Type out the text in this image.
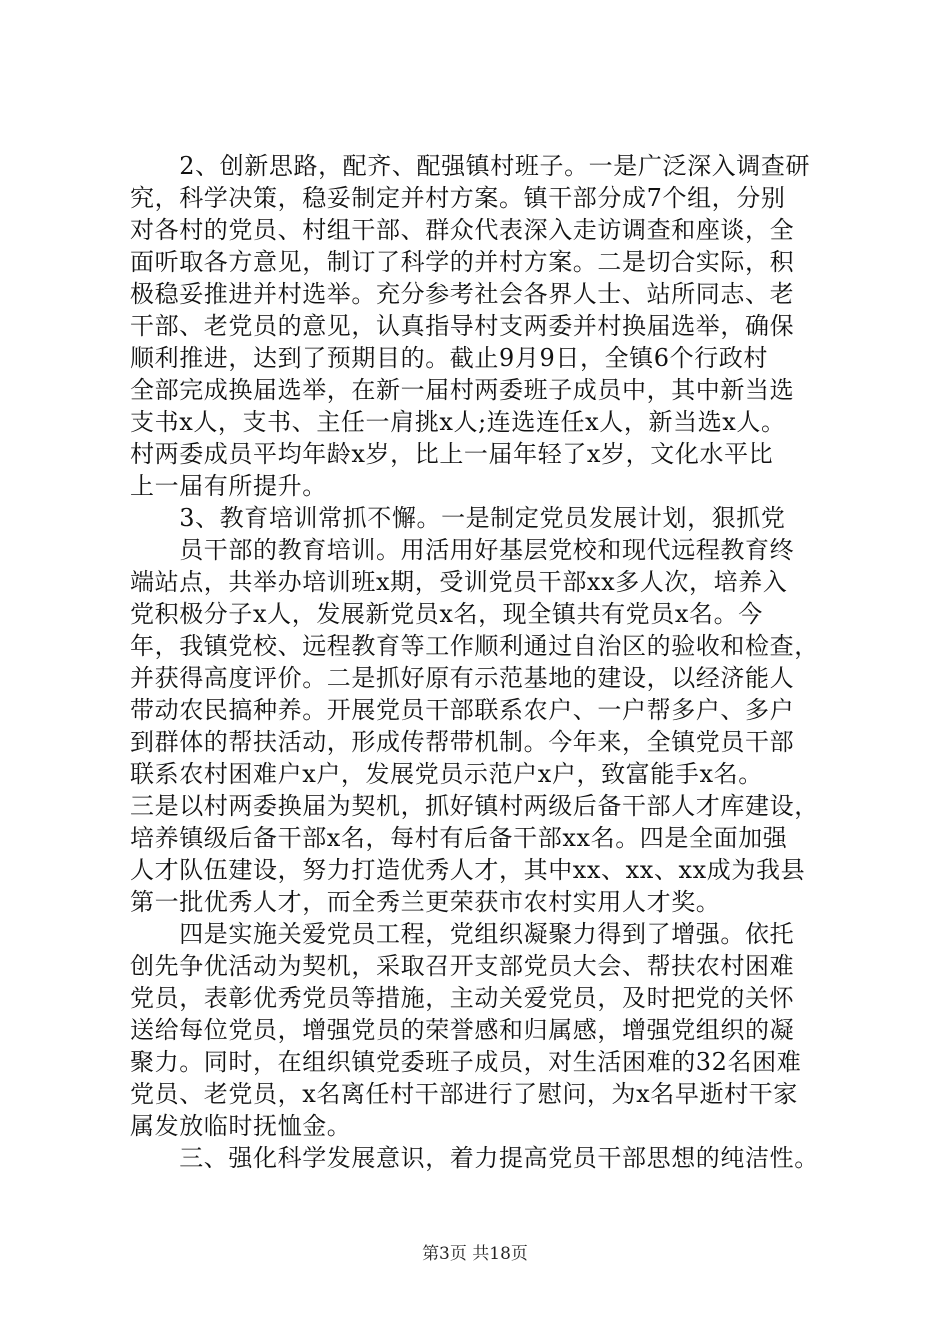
　　2、创新思路，配齐、配强镇村班子。一是广泛深入调查研
究，科学决策，稳妥制定并村方案。镇干部分成7个组，分别
对各村的党员、村组干部、群众代表深入走访调查和座谈，全
面听取各方意见，制订了科学的并村方案。二是切合实际，积
极稳妥推进并村选举。充分参考社会各界人士、站所同志、老
干部、老党员的意见，认真指导村支两委并村换届选举，确保
顺利推进，达到了预期目的。截止9月9日，全镇6个行政村
全部完成换届选举，在新一届村两委班子成员中，其中新当选
支书x人，支书、主任一肩挑x人;连选连任x人，新当选x人。
村两委成员平均年龄x岁，比上一届年轻了x岁，文化水平比
上一届有所提升。
　　3、教育培训常抓不懈。一是制定党员发展计划，狠抓党
　　员干部的教育培训。用活用好基层党校和现代远程教育终
端站点，共举办培训班x期，受训党员干部xx多人次，培养入
党积极分子x人，发展新党员x名，现全镇共有党员x名。今
年，我镇党校、远程教育等工作顺利通过自治区的验收和检查，
并获得高度评价。二是抓好原有示范基地的建设，以经济能人
带动农民搞种养。开展党员干部联系农户、一户帮多户、多户
到群体的帮扶活动，形成传帮带机制。今年来，全镇党员干部
联系农村困难户x户，发展党员示范户x户，致富能手x名。
三是以村两委换届为契机，抓好镇村两级后备干部人才库建设，
培养镇级后备干部x名，每村有后备干部xx名。四是全面加强
人才队伍建设，努力打造优秀人才，其中xx、xx、xx成为我县
第一批优秀人才，而全秀兰更荣获市农村实用人才奖。
　　四是实施关爱党员工程，党组织凝聚力得到了增强。依托
创先争优活动为契机，采取召开支部党员大会、帮扶农村困难
党员，表彰优秀党员等措施，主动关爱党员，及时把党的关怀
送给每位党员，增强党员的荣誉感和归属感，增强党组织的凝
聚力。同时，在组织镇党委班子成员，对生活困难的32名困难
党员、老党员，x名离任村干部进行了慰问，为x名早逝村干家
属发放临时抚恤金。
　　三、强化科学发展意识，着力提高党员干部思想的纯洁性。
第3页 共18页
